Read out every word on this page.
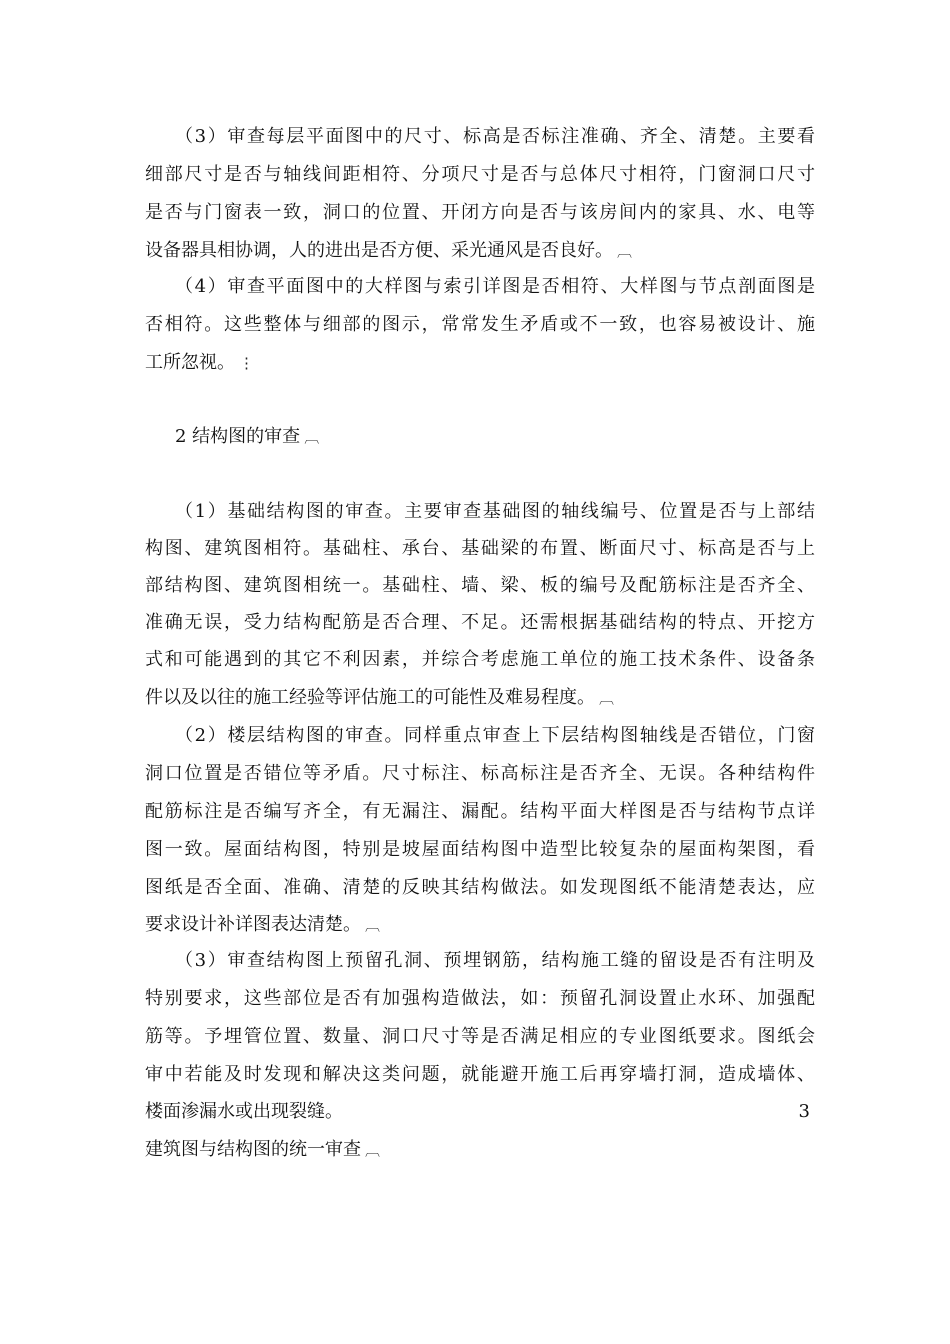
（3）审查每层平面图中的尺寸、标高是否标注准确、齐全、清楚。主要看
细部尺寸是否与轴线间距相符、分项尺寸是否与总体尺寸相符，门窗洞口尺寸
是否与门窗表一致，洞口的位置、开闭方向是否与该房间内的家具、水、电等
设备器具相协调，人的进出是否方便、采光通风是否良好。 ︹
（4）审查平面图中的大样图与索引详图是否相符、大样图与节点剖面图是
否相符。这些整体与细部的图示，常常发生矛盾或不一致，也容易被设计、施
工所忽视。 ⋮
2 结构图的审查 ︹
（1）基础结构图的审查。主要审查基础图的轴线编号、位置是否与上部结
构图、建筑图相符。基础柱、承台、基础梁的布置、断面尺寸、标高是否与上
部结构图、建筑图相统一。基础柱、墙、梁、板的编号及配筋标注是否齐全、
准确无误，受力结构配筋是否合理、不足。还需根据基础结构的特点、开挖方
式和可能遇到的其它不利因素，并综合考虑施工单位的施工技术条件、设备条
件以及以往的施工经验等评估施工的可能性及难易程度。 ︹
（2）楼层结构图的审查。同样重点审查上下层结构图轴线是否错位，门窗
洞口位置是否错位等矛盾。尺寸标注、标高标注是否齐全、无误。各种结构件
配筋标注是否编写齐全，有无漏注、漏配。结构平面大样图是否与结构节点详
图一致。屋面结构图，特别是坡屋面结构图中造型比较复杂的屋面构架图，看
图纸是否全面、准确、清楚的反映其结构做法。如发现图纸不能清楚表达，应
要求设计补详图表达清楚。 ︹
（3）审查结构图上预留孔洞、预埋钢筋，结构施工缝的留设是否有注明及
特别要求，这些部位是否有加强构造做法，如：预留孔洞设置止水环、加强配
筋等。予埋管位置、数量、洞口尺寸等是否满足相应的专业图纸要求。图纸会
审中若能及时发现和解决这类问题，就能避开施工后再穿墙打洞，造成墙体、
楼面渗漏水或出现裂缝。	3
建筑图与结构图的统一审查 ︹
